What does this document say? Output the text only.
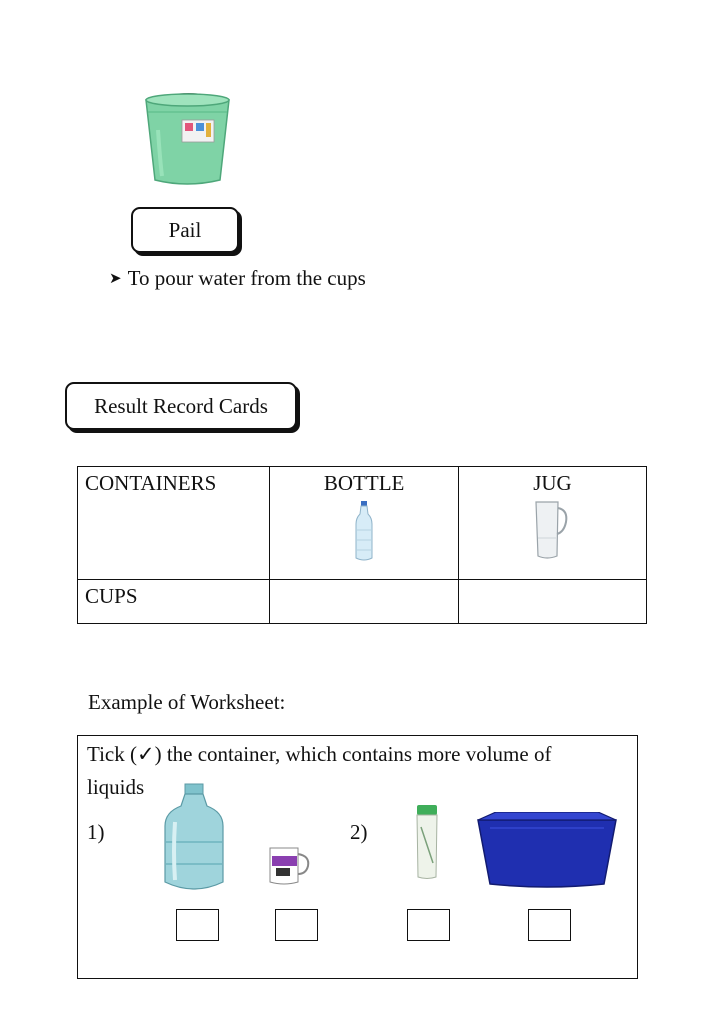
Pail
➤ To pour water from the cups
Result Record Cards
CONTAINERS	BOTTLE	JUG

CUPS		
Example of Worksheet:
Tick (✓) the container, which contains more volume of
liquids
1)	2)
